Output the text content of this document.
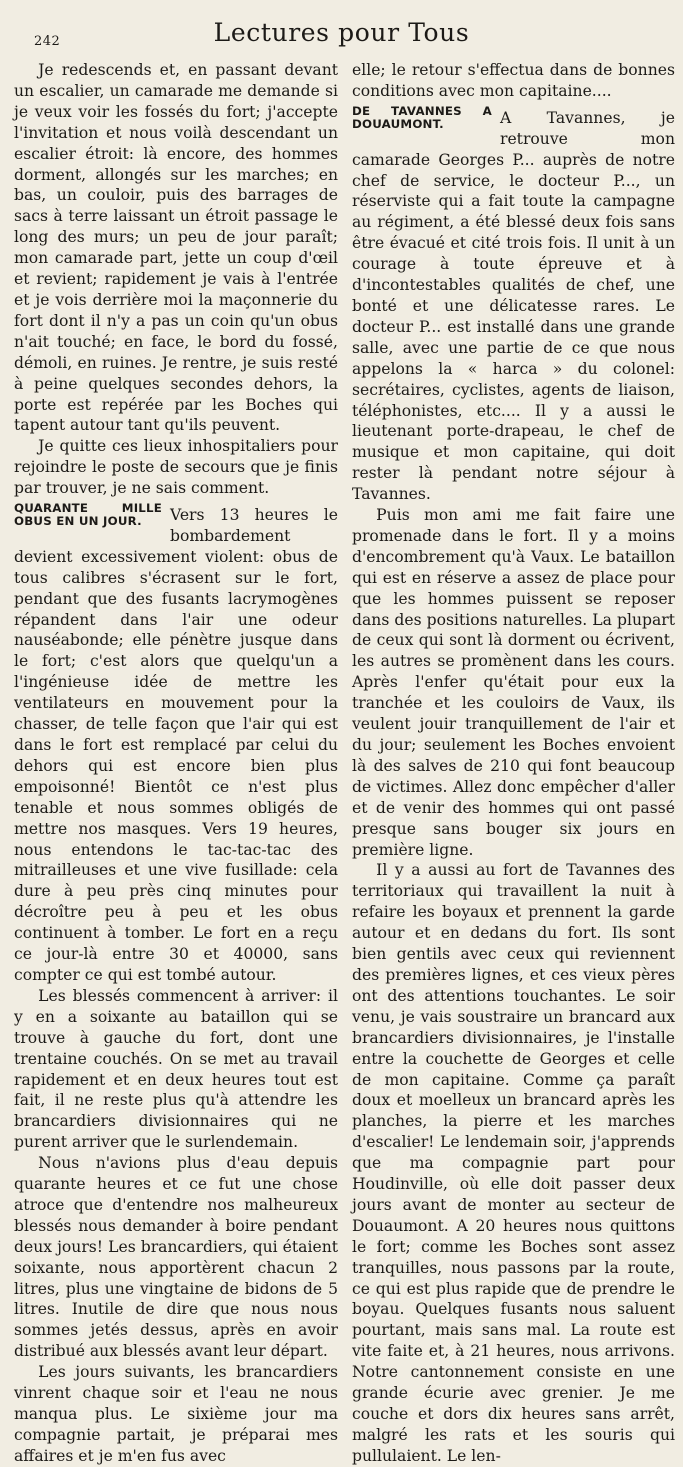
242	Lectures pour Tous

Je redescends et, en passant devant un escalier, un camarade me demande si je veux voir les fossés du fort; j'accepte l'invitation et nous voilà descendant un escalier étroit: là encore, des hommes dorment, allongés sur les marches; en bas, un couloir, puis des barrages de sacs à terre laissant un étroit passage le long des murs; un peu de jour paraît; mon camarade part, jette un coup d'œil et revient; rapidement je vais à l'entrée et je vois derrière moi la maçonnerie du fort dont il n'y a pas un coin qu'un obus n'ait touché; en face, le bord du fossé, démoli, en ruines. Je rentre, je suis resté à peine quelques secondes dehors, la porte est repérée par les Boches qui tapent autour tant qu'ils peuvent.

Je quitte ces lieux inhospitaliers pour rejoindre le poste de secours que je finis par trouver, je ne sais comment.

QUARANTE MILLE OBUS EN UN JOUR.	Vers 13 heures le bombardement devient excessivement violent: obus de tous calibres s'écrasent sur le fort, pendant que des fusants lacrymogènes répandent dans l'air une odeur nauséabonde; elle pénètre jusque dans le fort; c'est alors que quelqu'un a l'ingénieuse idée de mettre les ventilateurs en mouvement pour la chasser, de telle façon que l'air qui est dans le fort est remplacé par celui du dehors qui est encore bien plus empoisonné! Bientôt ce n'est plus tenable et nous sommes obligés de mettre nos masques. Vers 19 heures, nous entendons le tac-tac-tac des mitrailleuses et une vive fusillade: cela dure à peu près cinq minutes pour décroître peu à peu et les obus continuent à tomber. Le fort en a reçu ce jour-là entre 30 et 40000, sans compter ce qui est tombé autour.

Les blessés commencent à arriver: il y en a soixante au bataillon qui se trouve à gauche du fort, dont une trentaine couchés. On se met au travail rapidement et en deux heures tout est fait, il ne reste plus qu'à attendre les brancardiers divisionnaires qui ne purent arriver que le surlendemain.

Nous n'avions plus d'eau depuis quarante heures et ce fut une chose atroce que d'entendre nos malheureux blessés nous demander à boire pendant deux jours! Les brancardiers, qui étaient soixante, nous apportèrent chacun 2 litres, plus une vingtaine de bidons de 5 litres. Inutile de dire que nous nous sommes jetés dessus, après en avoir distribué aux blessés avant leur départ.

Les jours suivants, les brancardiers vinrent chaque soir et l'eau ne nous manqua plus. Le sixième jour ma compagnie partait, je préparai mes affaires et je m'en fus avec

elle; le retour s'effectua dans de bonnes conditions avec mon capitaine....

DE TAVANNES A DOUAUMONT.	A Tavannes, je retrouve mon camarade Georges P... auprès de notre chef de service, le docteur P..., un réserviste qui a fait toute la campagne au régiment, a été blessé deux fois sans être évacué et cité trois fois. Il unit à un courage à toute épreuve et à d'incontestables qualités de chef, une bonté et une délicatesse rares. Le docteur P... est installé dans une grande salle, avec une partie de ce que nous appelons la « harca » du colonel: secrétaires, cyclistes, agents de liaison, téléphonistes, etc.... Il y a aussi le lieutenant porte-drapeau, le chef de musique et mon capitaine, qui doit rester là pendant notre séjour à Tavannes.

Puis mon ami me fait faire une promenade dans le fort. Il y a moins d'encombrement qu'à Vaux. Le bataillon qui est en réserve a assez de place pour que les hommes puissent se reposer dans des positions naturelles. La plupart de ceux qui sont là dorment ou écrivent, les autres se promènent dans les cours. Après l'enfer qu'était pour eux la tranchée et les couloirs de Vaux, ils veulent jouir tranquillement de l'air et du jour; seulement les Boches envoient là des salves de 210 qui font beaucoup de victimes. Allez donc empêcher d'aller et de venir des hommes qui ont passé presque sans bouger six jours en première ligne.

Il y a aussi au fort de Tavannes des territoriaux qui travaillent la nuit à refaire les boyaux et prennent la garde autour et en dedans du fort. Ils sont bien gentils avec ceux qui reviennent des premières lignes, et ces vieux pères ont des attentions touchantes. Le soir venu, je vais soustraire un brancard aux brancardiers divisionnaires, je l'installe entre la couchette de Georges et celle de mon capitaine. Comme ça paraît doux et moelleux un brancard après les planches, la pierre et les marches d'escalier! Le lendemain soir, j'apprends que ma compagnie part pour Houdinville, où elle doit passer deux jours avant de monter au secteur de Douaumont. A 20 heures nous quittons le fort; comme les Boches sont assez tranquilles, nous passons par la route, ce qui est plus rapide que de prendre le boyau. Quelques fusants nous saluent pourtant, mais sans mal. La route est vite faite et, à 21 heures, nous arrivons. Notre cantonnement consiste en une grande écurie avec grenier. Je me couche et dors dix heures sans arrêt, malgré les rats et les souris qui pullulaient. Le len-
